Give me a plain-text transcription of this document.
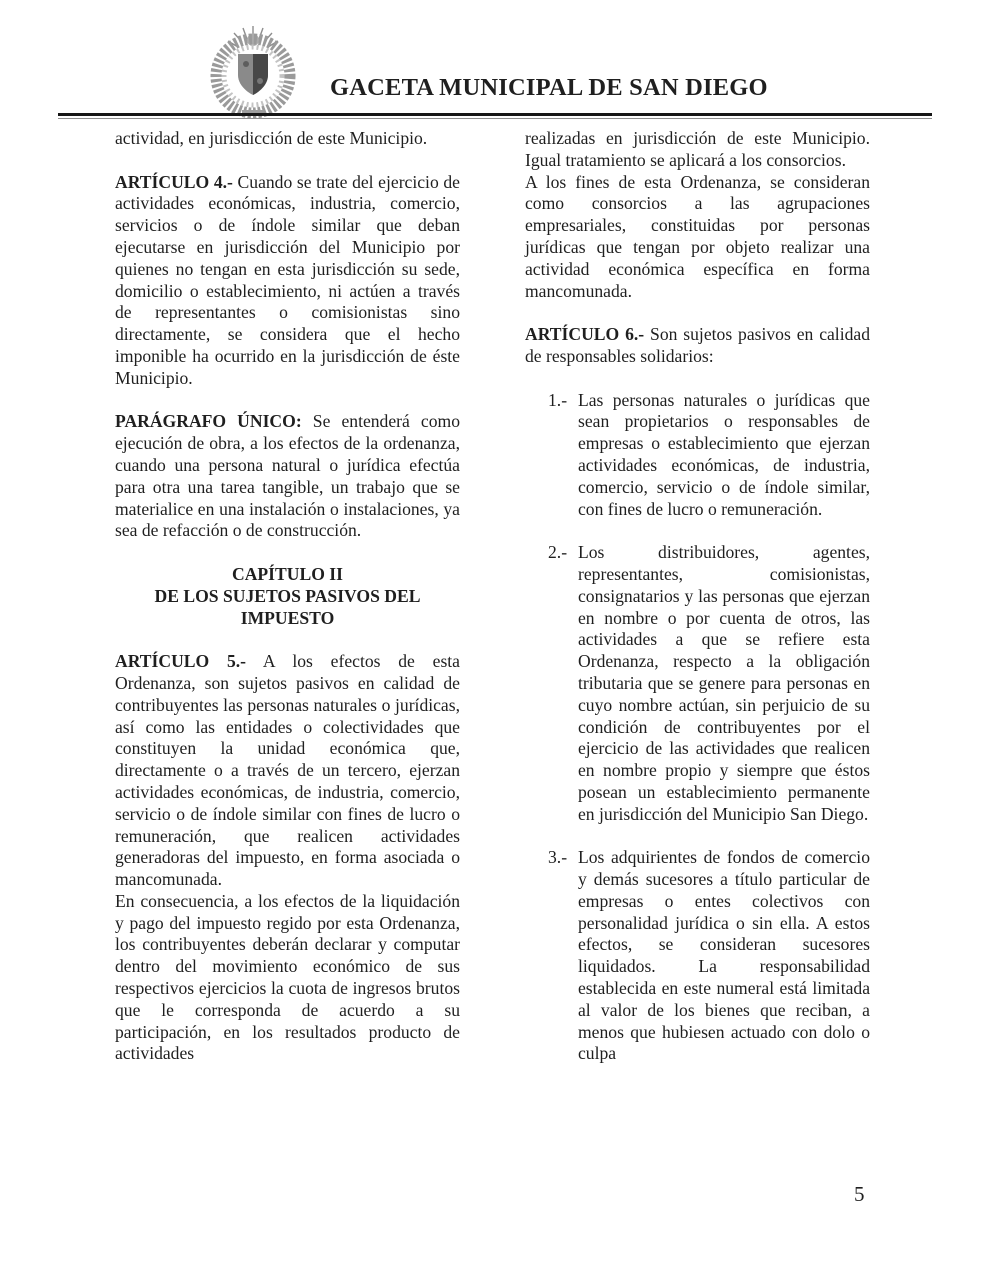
GACETA MUNICIPAL DE SAN DIEGO

actividad, en jurisdicción de este Municipio.

ARTÍCULO 4.- Cuando se trate del ejercicio de actividades económicas, industria, comercio, servicios o de índole similar que deban ejecutarse en jurisdicción del Municipio por quienes no tengan en esta jurisdicción su sede, domicilio o establecimiento, ni actúen a través de representantes o comisionistas sino directamente, se considera que el hecho imponible ha ocurrido en la jurisdicción de éste Municipio.

PARÁGRAFO ÚNICO: Se entenderá como ejecución de obra, a los efectos de la ordenanza, cuando una persona natural o jurídica efectúa para otra una tarea tangible, un trabajo que se materialice en una instalación o instalaciones, ya sea de refacción o de construcción.

CAPÍTULO II
DE LOS SUJETOS PASIVOS DEL
IMPUESTO

ARTÍCULO 5.- A los efectos de esta Ordenanza, son sujetos pasivos en calidad de contribuyentes las personas naturales o jurídicas, así como las entidades o colectividades que constituyen la unidad económica que, directamente o a través de un tercero, ejerzan actividades económicas, de industria, comercio, servicio o de índole similar con fines de lucro o remuneración, que realicen actividades generadoras del impuesto, en forma asociada o mancomunada.

En consecuencia, a los efectos de la liquidación y pago del impuesto regido por esta Ordenanza, los contribuyentes deberán declarar y computar dentro del movimiento económico de sus respectivos ejercicios la cuota de ingresos brutos que le corresponda de acuerdo a su participación, en los resultados producto de actividades

realizadas en jurisdicción de este Municipio. Igual tratamiento se aplicará a los consorcios.

A los fines de esta Ordenanza, se consideran como consorcios a las agrupaciones empresariales, constituidas por personas jurídicas que tengan por objeto realizar una actividad económica específica en forma mancomunada.

ARTÍCULO 6.- Son sujetos pasivos en calidad de responsables solidarios:

1.- Las personas naturales o jurídicas que sean propietarios o responsables de empresas o establecimiento que ejerzan actividades económicas, de industria, comercio, servicio o de índole similar, con fines de lucro o remuneración.
2.- Los distribuidores, agentes, representantes, comisionistas, consignatarios y las personas que ejerzan en nombre o por cuenta de otros, las actividades a que se refiere esta Ordenanza, respecto a la obligación tributaria que se genere para personas en cuyo nombre actúan, sin perjuicio de su condición de contribuyentes por el ejercicio de las actividades que realicen en nombre propio y siempre que éstos posean un establecimiento permanente en jurisdicción del Municipio San Diego.
3.- Los adquirientes de fondos de comercio y demás sucesores a título particular de empresas o entes colectivos con personalidad jurídica o sin ella. A estos efectos, se consideran sucesores liquidados. La responsabilidad establecida en este numeral está limitada al valor de los bienes que reciban, a menos que hubiesen actuado con dolo o culpa
5
